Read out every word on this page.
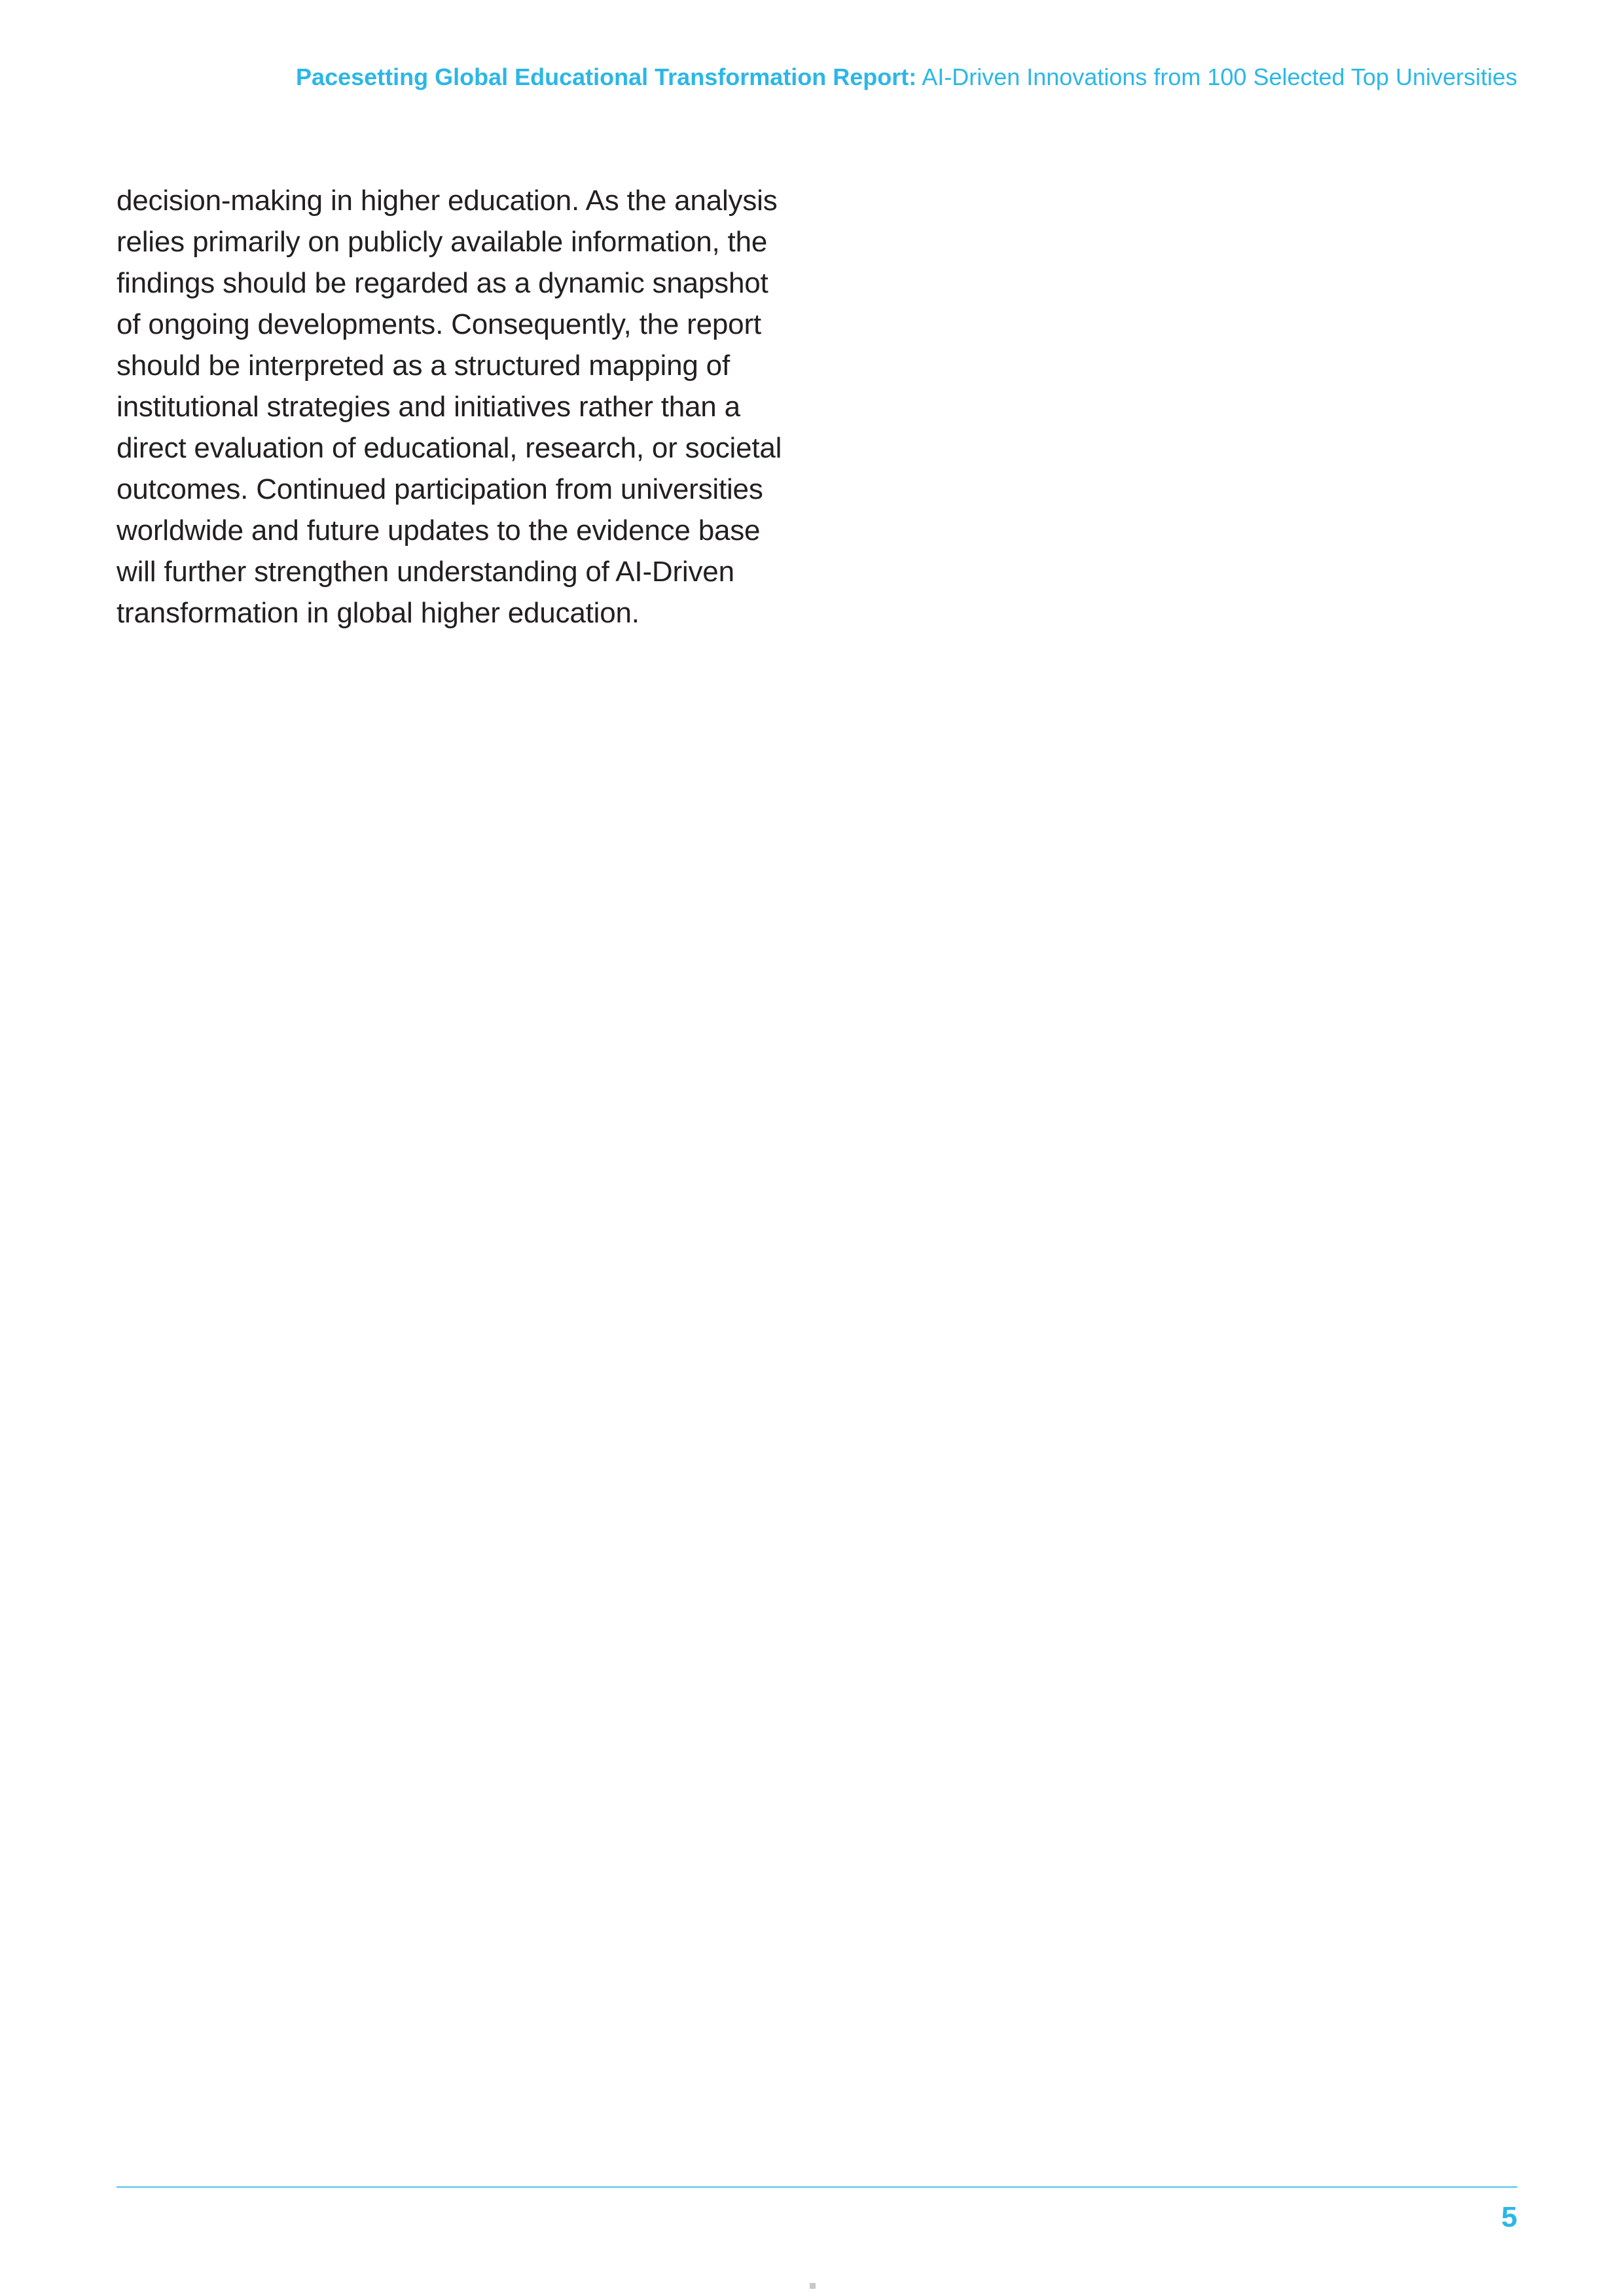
Pacesetting Global Educational Transformation Report: AI-Driven Innovations from 100 Selected Top Universities

decision-making in higher education. As the analysis relies primarily on publicly available information, the findings should be regarded as a dynamic snapshot of ongoing developments. Consequently, the report should be interpreted as a structured mapping of institutional strategies and initiatives rather than a direct evaluation of educational, research, or societal outcomes. Continued participation from universities worldwide and future updates to the evidence base will further strengthen understanding of AI-Driven transformation in global higher education.

5
